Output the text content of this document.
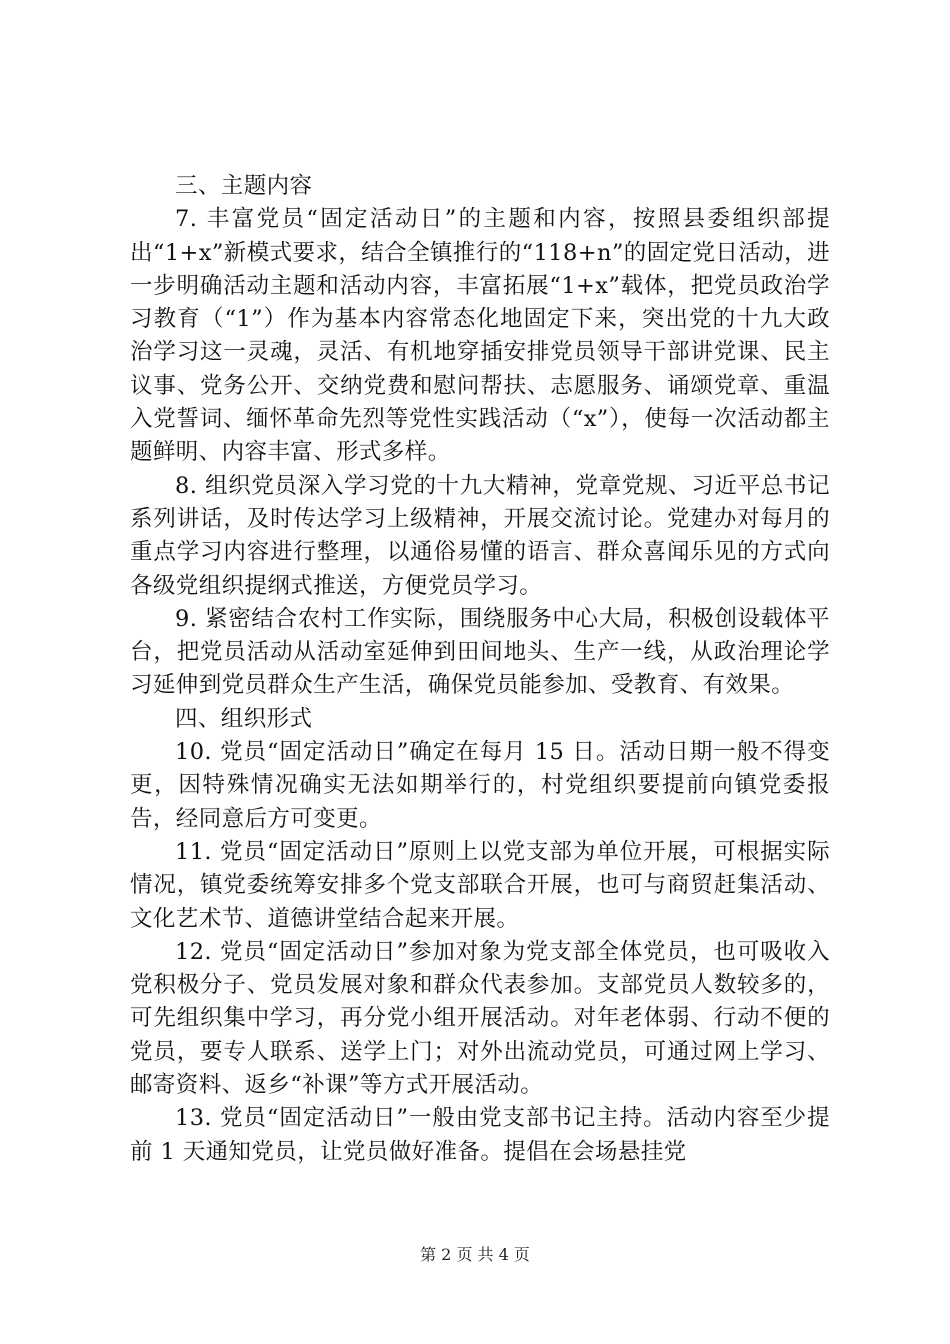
三、主题内容

7. 丰富党员“固定活动日”的主题和内容，按照县委组织部提出“1+x”新模式要求，结合全镇推行的“118+n”的固定党日活动，进一步明确活动主题和活动内容，丰富拓展“1+x”载体，把党员政治学习教育（“1”）作为基本内容常态化地固定下来，突出党的十九大政治学习这一灵魂，灵活、有机地穿插安排党员领导干部讲党课、民主议事、党务公开、交纳党费和慰问帮扶、志愿服务、诵颂党章、重温入党誓词、缅怀革命先烈等党性实践活动（“x”），使每一次活动都主题鲜明、内容丰富、形式多样。

8. 组织党员深入学习党的十九大精神，党章党规、习近平总书记系列讲话，及时传达学习上级精神，开展交流讨论。党建办对每月的重点学习内容进行整理，以通俗易懂的语言、群众喜闻乐见的方式向各级党组织提纲式推送，方便党员学习。

9. 紧密结合农村工作实际，围绕服务中心大局，积极创设载体平台，把党员活动从活动室延伸到田间地头、生产一线，从政治理论学习延伸到党员群众生产生活，确保党员能参加、受教育、有效果。

四、组织形式

10. 党员“固定活动日”确定在每月 15 日。活动日期一般不得变更，因特殊情况确实无法如期举行的，村党组织要提前向镇党委报告，经同意后方可变更。

11. 党员“固定活动日”原则上以党支部为单位开展，可根据实际情况，镇党委统筹安排多个党支部联合开展，也可与商贸赶集活动、文化艺术节、道德讲堂结合起来开展。

12. 党员“固定活动日”参加对象为党支部全体党员，也可吸收入党积极分子、党员发展对象和群众代表参加。支部党员人数较多的，可先组织集中学习，再分党小组开展活动。对年老体弱、行动不便的党员，要专人联系、送学上门；对外出流动党员，可通过网上学习、邮寄资料、返乡“补课”等方式开展活动。

13. 党员“固定活动日”一般由党支部书记主持。活动内容至少提前 1 天通知党员，让党员做好准备。提倡在会场悬挂党

第 2 页 共 4 页
